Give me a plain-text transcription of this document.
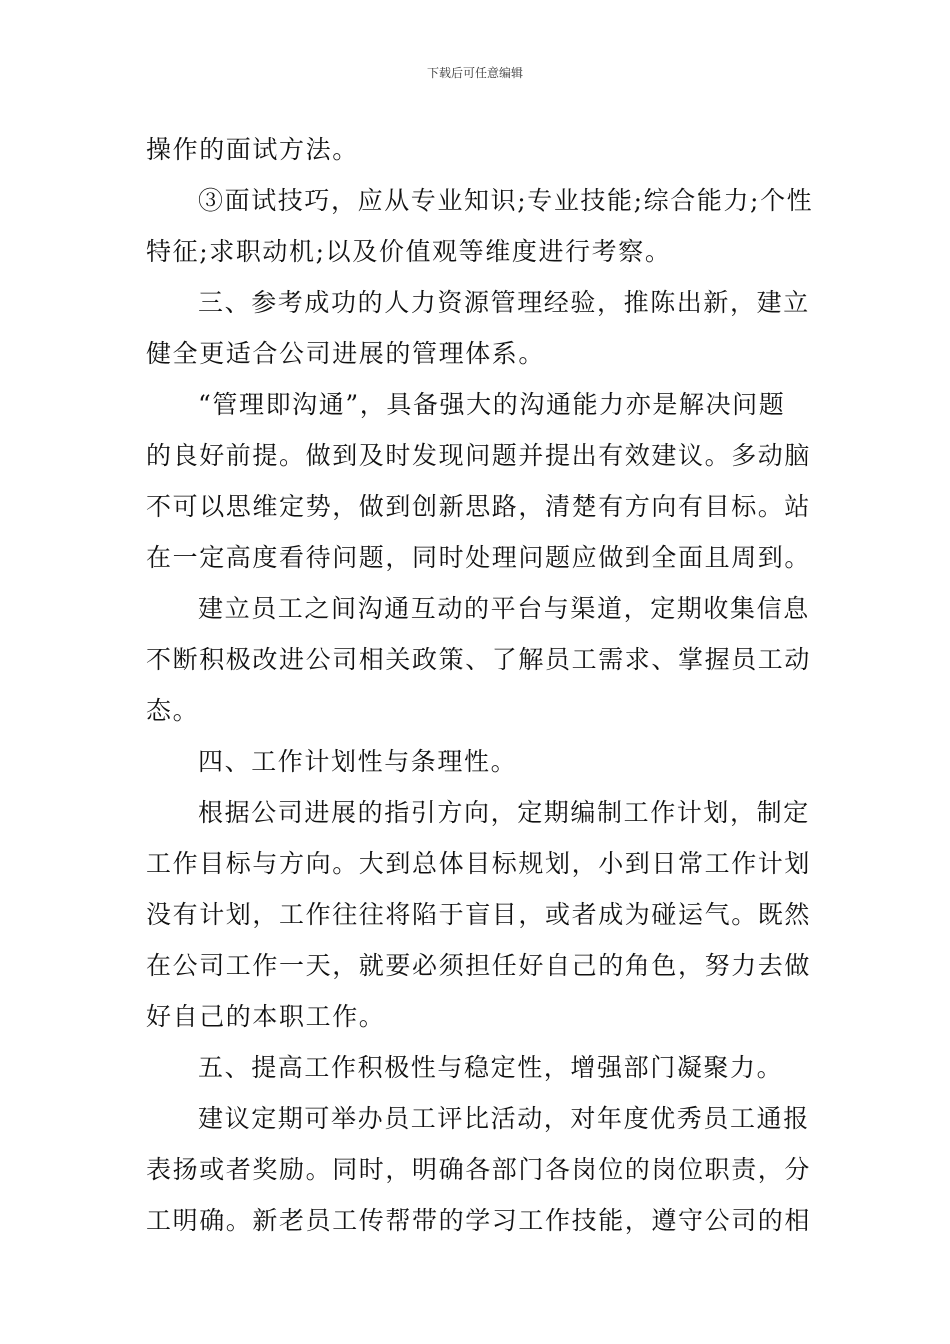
下载后可任意编辑

操作的面试方法。

③面试技巧，应从专业知识;专业技能;综合能力;个性
特征;求职动机;以及价值观等维度进行考察。

三、参考成功的人力资源管理经验，推陈出新，建立
健全更适合公司进展的管理体系。

“管理即沟通”，具备强大的沟通能力亦是解决问题
的良好前提。做到及时发现问题并提出有效建议。多动脑
不可以思维定势，做到创新思路，清楚有方向有目标。站
在一定高度看待问题，同时处理问题应做到全面且周到。

建立员工之间沟通互动的平台与渠道，定期收集信息
不断积极改进公司相关政策、了解员工需求、掌握员工动
态。

四、工作计划性与条理性。

根据公司进展的指引方向，定期编制工作计划，制定
工作目标与方向。大到总体目标规划，小到日常工作计划
没有计划，工作往往将陷于盲目，或者成为碰运气。既然
在公司工作一天，就要必须担任好自己的角色，努力去做
好自己的本职工作。

五、提高工作积极性与稳定性，增强部门凝聚力。

建议定期可举办员工评比活动，对年度优秀员工通报
表扬或者奖励。同时，明确各部门各岗位的岗位职责，分
工明确。新老员工传帮带的学习工作技能，遵守公司的相
